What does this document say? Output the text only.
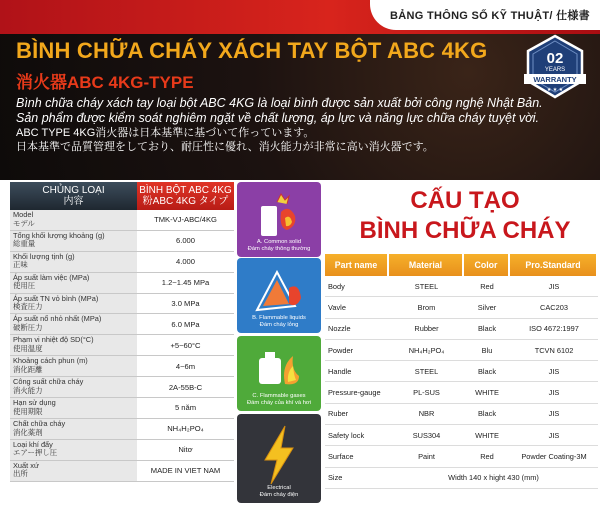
BẢNG THÔNG SỐ KỸ THUẬT/ 仕様書
BÌNH CHỮA CHÁY XÁCH TAY BỘT ABC 4KG
消火器ABC 4KG-TYPE
Bình chữa cháy xách tay loại bột ABC 4KG là loại bình được sản xuất bởi công nghệ Nhật Bản.
Sản phẩm được kiểm soát nghiêm ngặt về chất lượng, áp lực và năng lực chữa cháy tuyệt vời.
ABC TYPE 4KG消火器は日本基準に基づいて作っています。
日本基準で品質管理をしており、耐圧性に優れ、消火能力が非常に高い消火器です。
02
YEARS
WARRANTY
★ ★ ★
CHỦNG LOẠI
内容
BÌNH BỘT ABC 4KG
粉ABC 4KG タイプ
Model
モデル	TMK-VJ-ABC/4KG
Tổng khối lượng khoảng (g)
総重量	6.000
Khối lượng tịnh (g)
正味	4.000
Áp suất làm việc (MPa)
使用圧	1.2~1.45 MPa
Áp suất TN vỏ bình (MPa)
検査圧力	3.0 MPa
Áp suất nổ nhỏ nhất (MPa)
破断圧力	6.0 MPa
Phạm vi nhiệt độ SD(°C)
使用温度	+5~60°C
Khoảng cách phun (m)
消化距離	4~6m
Công suất chữa cháy
消火能力	2A-55B-C
Hạn sử dụng
使用期限	5 năm
Chất chữa cháy
消化薬剤	NH₄H₂PO₄
Loại khí đẩy
エアー押し圧	Nitơ
Xuất xứ
出所	MADE IN VIET NAM
A. Common solid
Đám cháy thông thường
B. Flammable liquids
Đám cháy lỏng
C. Flammable gases
Đám cháy của khí và hơi
Electrical
Đám cháy điện
CẤU TẠO
BÌNH CHỮA CHÁY
Part name	Material	Color	Pro.Standard
Body	STEEL	Red	JIS
Vavle	Brom	Silver	CAC203
Nozzle	Rubber	Black	ISO 4672:1997
Powder	NH₄H₂PO₄	Blu	TCVN 6102
Handle	STEEL	Black	JIS
Pressure-gauge	PL-SUS	WHITE	JIS
Ruber	NBR	Black	JIS
Safety lock	SUS304	WHITE	JIS
Surface	Paint	Red	Powder Coating-3M
Size	Width 140 x hight 430 (mm)
